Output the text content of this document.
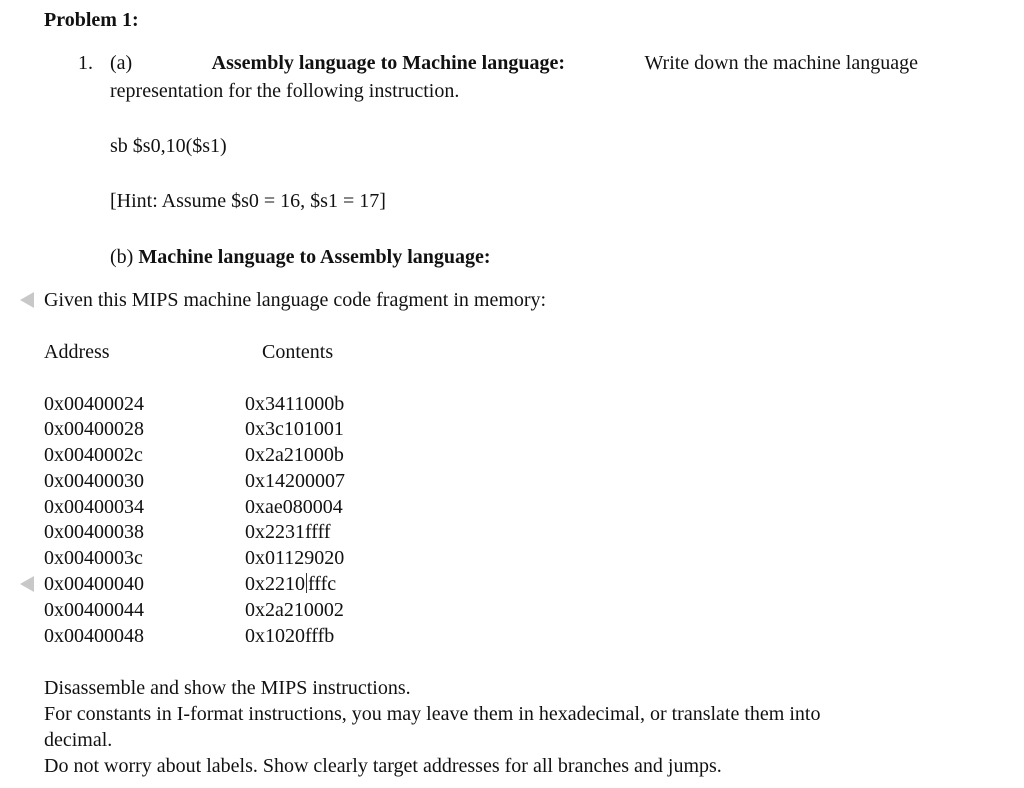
Problem 1:
1. (a)	Assembly language to Machine language:	Write down the machine language
representation for the following instruction.
sb $s0,10($s1)
[Hint: Assume $s0 = 16, $s1 = 17]
(b) Machine language to Assembly language:
Given this MIPS machine language code fragment in memory:
Address	Contents
0x00400024	0x3411000b
0x00400028	0x3c101001
0x0040002c	0x2a21000b
0x00400030	0x14200007
0x00400034	0xae080004
0x00400038	0x2231ffff
0x0040003c	0x01129020
0x00400040	0x2210 fffc
0x00400044	0x2a210002
0x00400048	0x1020fffb
Disassemble and show the MIPS instructions.
For constants in I-format instructions, you may leave them in hexadecimal, or translate them into
decimal.
Do not worry about labels. Show clearly target addresses for all branches and jumps.
